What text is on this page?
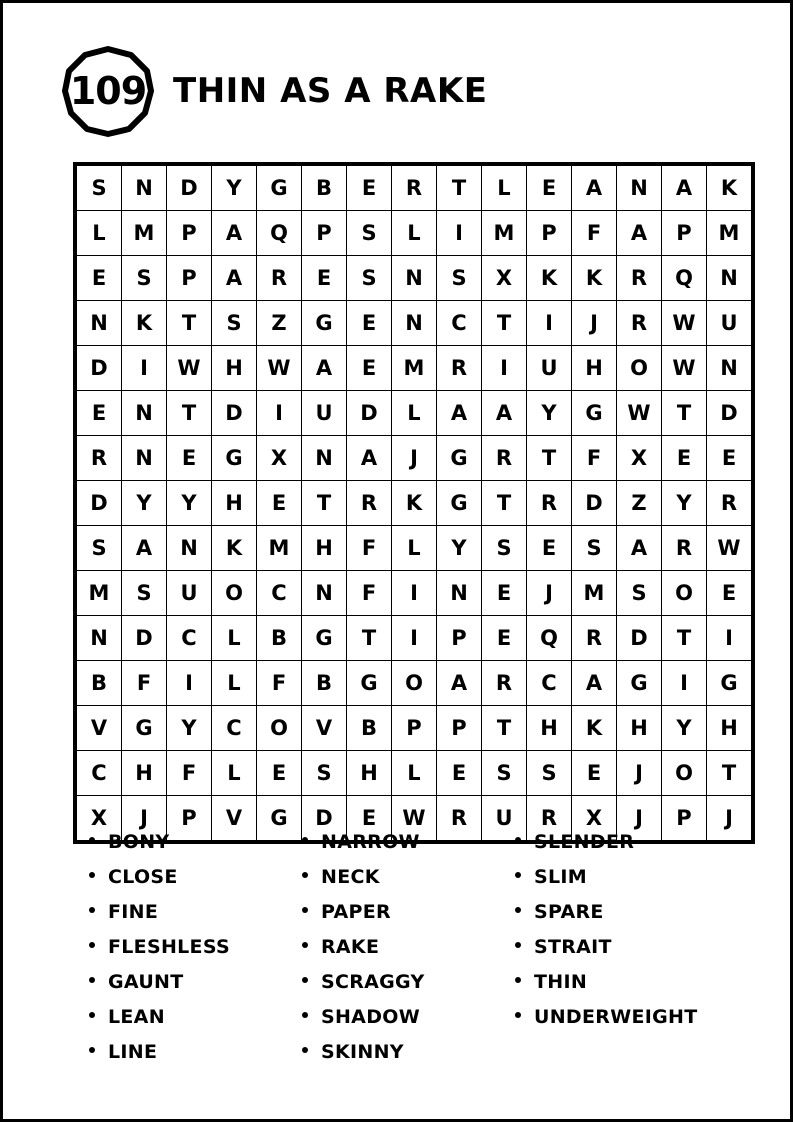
109 THIN AS A RAKE
S	N	D	Y	G	B	E	R	T	L	E	A	N	A	K
L	M	P	A	Q	P	S	L	I	M	P	F	A	P	M
E	S	P	A	R	E	S	N	S	X	K	K	R	Q	N
N	K	T	S	Z	G	E	N	C	T	I	J	R	W	U
D	I	W	H	W	A	E	M	R	I	U	H	O	W	N
E	N	T	D	I	U	D	L	A	A	Y	G	W	T	D
R	N	E	G	X	N	A	J	G	R	T	F	X	E	E
D	Y	Y	H	E	T	R	K	G	T	R	D	Z	Y	R
S	A	N	K	M	H	F	L	Y	S	E	S	A	R	W
M	S	U	O	C	N	F	I	N	E	J	M	S	O	E
N	D	C	L	B	G	T	I	P	E	Q	R	D	T	I
B	F	I	L	F	B	G	O	A	R	C	A	G	I	G
V	G	Y	C	O	V	B	P	P	T	H	K	H	Y	H
C	H	F	L	E	S	H	L	E	S	S	E	J	O	T
X	J	P	V	G	D	E	W	R	U	R	X	J	P	J
BONY
CLOSE
FINE
FLESHLESS
GAUNT
LEAN
LINE
NARROW
NECK
PAPER
RAKE
SCRAGGY
SHADOW
SKINNY
SLENDER
SLIM
SPARE
STRAIT
THIN
UNDERWEIGHT
